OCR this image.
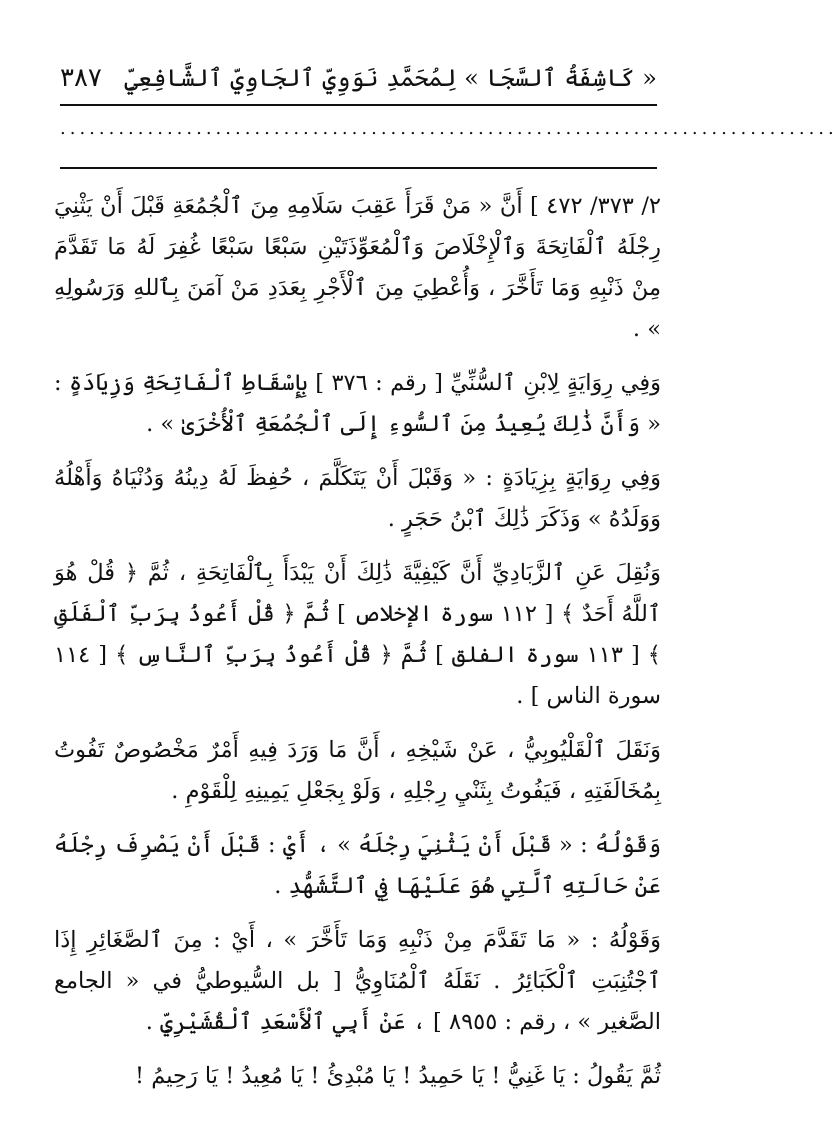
٣٨٧ « كَاشِفَةُ ٱلسَّجَا » لِمُحَمَّدِ نَوَوِيِّ ٱلجَاوِيِّ ٱلشَّافِعِيِّ
................................................................................

٢/ ٣٧٣/ ٤٧٢ ] أَنَّ « مَنْ قَرَأَ عَقِبَ سَلَامِهِ مِنَ ٱلْجُمُعَةِ قَبْلَ أَنْ يَثْنِيَ رِجْلَهُ ٱلْفَاتِحَةَ وَٱلْإِخْلَاصَ وَٱلْمُعَوِّذَتَيْنِ سَبْعًا سَبْعًا غُفِرَ لَهُ مَا تَقَدَّمَ مِنْ ذَنْبِهِ وَمَا تَأَخَّرَ ، وَأُعْطِيَ مِنَ ٱلْأَجْرِ بِعَدَدِ مَنْ آمَنَ بِٱللهِ وَرَسُولِهِ » .

وَفِي رِوَايَةٍ لِابْنِ ٱلسُّنِّيِّ [ رقم : ٣٧٦ ] بِإِسْقَاطِ ٱلْفَاتِحَةِ وَزِيَادَةٍ : « وَأَنَّ ذَٰلِكَ يُعِيذُ مِنَ ٱلسُّوءِ إِلَى ٱلْجُمُعَةِ ٱلْأُخْرَىٰ » .

وَفِي رِوَايَةٍ بِزِيَادَةٍ : « وَقَبْلَ أَنْ يَتَكَلَّمَ ، حُفِظَ لَهُ دِينُهُ وَدُنْيَاهُ وَأَهْلُهُ وَوَلَدُهُ » وَذَكَرَ ذَٰلِكَ ٱبْنُ حَجَرٍ .

وَنُقِلَ عَنِ ٱلزَّبَادِيِّ أَنَّ كَيْفِيَّةَ ذَٰلِكَ أَنْ يَبْدَأَ بِٱلْفَاتِحَةِ ، ثُمَّ ﴿ قُلْ هُوَ ٱللَّهُ أَحَدٌ ﴾ [ ١١٢ سورة الإخلاص ] ثُمَّ ﴿ قُلْ أَعُوذُ بِرَبِّ ٱلْفَلَقِ ﴾ [ ١١٣ سورة الفلق ] ثُمَّ ﴿ قُلْ أَعُوذُ بِرَبِّ ٱلنَّاسِ ﴾ [ ١١٤ سورة الناس ] .

وَنَقَلَ ٱلْقَلْيُوبِيُّ ، عَنْ شَيْخِهِ ، أَنَّ مَا وَرَدَ فِيهِ أَمْرٌ مَخْصُوصٌ تَفُوتُ بِمُخَالَفَتِهِ ، فَيَفُوتُ بِثَنْيِ رِجْلِهِ ، وَلَوْ بِجَعْلِ يَمِينِهِ لِلْقَوْمِ .

وَقَوْلُهُ : « قَبْلَ أَنْ يَثْنِيَ رِجْلَهُ » ، أَيْ : قَبْلَ أَنْ يَصْرِفَ رِجْلَهُ عَنْ حَالَتِهِ ٱلَّتِي هُوَ عَلَيْهَا فِي ٱلتَّشَهُّدِ .

وَقَوْلُهُ : « مَا تَقَدَّمَ مِنْ ذَنْبِهِ وَمَا تَأَخَّرَ » ، أَيْ : مِنَ ٱلصَّغَائِرِ إِذَا ٱجْتُنِبَتِ ٱلْكَبَائِرُ . نَقَلَهُ ٱلْمُنَاوِيُّ [ بل السُّيوطيُّ في « الجامع الصَّغير » ، رقم : ٨٩٥٥ ] ، عَنْ أَبِي ٱلْأَسْعَدِ ٱلْقُشَيْرِيِّ .

ثُمَّ يَقُولُ : يَا غَنِيُّ ! يَا حَمِيدُ ! يَا مُبْدِئُ ! يَا مُعِيدُ ! يَا رَحِيمُ !
